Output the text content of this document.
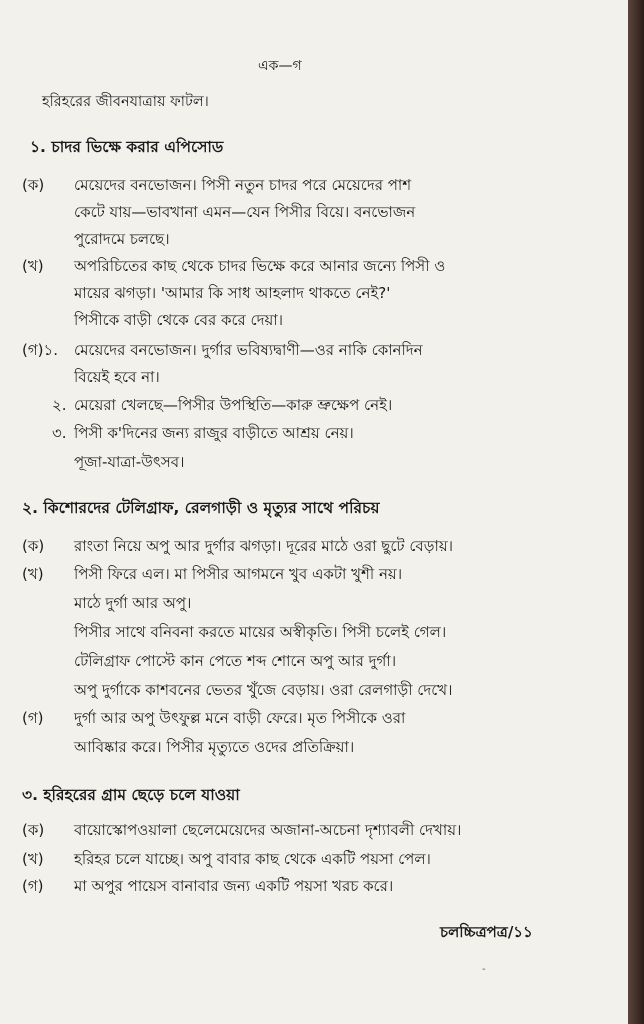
এক—গ
হরিহরের জীবনযাত্রায় ফাটল।
১. চাদর ভিক্ষে করার এপিসোড
(ক) মেয়েদের বনভোজন। পিসী নতুন চাদর পরে মেয়েদের পাশ
কেটে যায়—ভাবখানা এমন—যেন পিসীর বিয়ে। বনভোজন
পুরোদমে চলছে।
(খ) অপরিচিতের কাছ থেকে চাদর ভিক্ষে করে আনার জন্যে পিসী ও
মায়ের ঝগড়া। 'আমার কি সাধ আহলাদ থাকতে নেই?'
পিসীকে বাড়ী থেকে বের করে দেয়া।
(গ)১. মেয়েদের বনভোজন। দুর্গার ভবিষ্যদ্বাণী—ওর নাকি কোনদিন
বিয়েই হবে না।
২. মেয়েরা খেলছে—পিসীর উপস্থিতি—কারু ভ্রুক্ষেপ নেই।
৩. পিসী ক'দিনের জন্য রাজুর বাড়ীতে আশ্রয় নেয়।
পূজা-যাত্রা-উৎসব।
২. কিশোরদের টেলিগ্রাফ, রেলগাড়ী ও মৃত্যুর সাথে পরিচয়
(ক) রাংতা নিয়ে অপু আর দুর্গার ঝগড়া। দূরের মাঠে ওরা ছুটে বেড়ায়।
(খ) পিসী ফিরে এল। মা পিসীর আগমনে খুব একটা খুশী নয়।
মাঠে দুর্গা আর অপু।
পিসীর সাথে বনিবনা করতে মায়ের অস্বীকৃতি। পিসী চলেই গেল।
টেলিগ্রাফ পোস্টে কান পেতে শব্দ শোনে অপু আর দুর্গা।
অপু দুর্গাকে কাশবনের ভেতর খুঁজে বেড়ায়। ওরা রেলগাড়ী দেখে।
(গ) দুর্গা আর অপু উৎফুল্ল মনে বাড়ী ফেরে। মৃত পিসীকে ওরা
আবিষ্কার করে। পিসীর মৃত্যুতে ওদের প্রতিক্রিয়া।
৩. হরিহরের গ্রাম ছেড়ে চলে যাওয়া
(ক) বায়োস্কোপওয়ালা ছেলেমেয়েদের অজানা-অচেনা দৃশ্যাবলী দেখায়।
(খ) হরিহর চলে যাচ্ছে। অপু বাবার কাছ থেকে একটি পয়সা পেল।
(গ) মা অপুর পায়েস বানাবার জন্য একটি পয়সা খরচ করে।
চলচ্চিত্রপত্র/১১
-
